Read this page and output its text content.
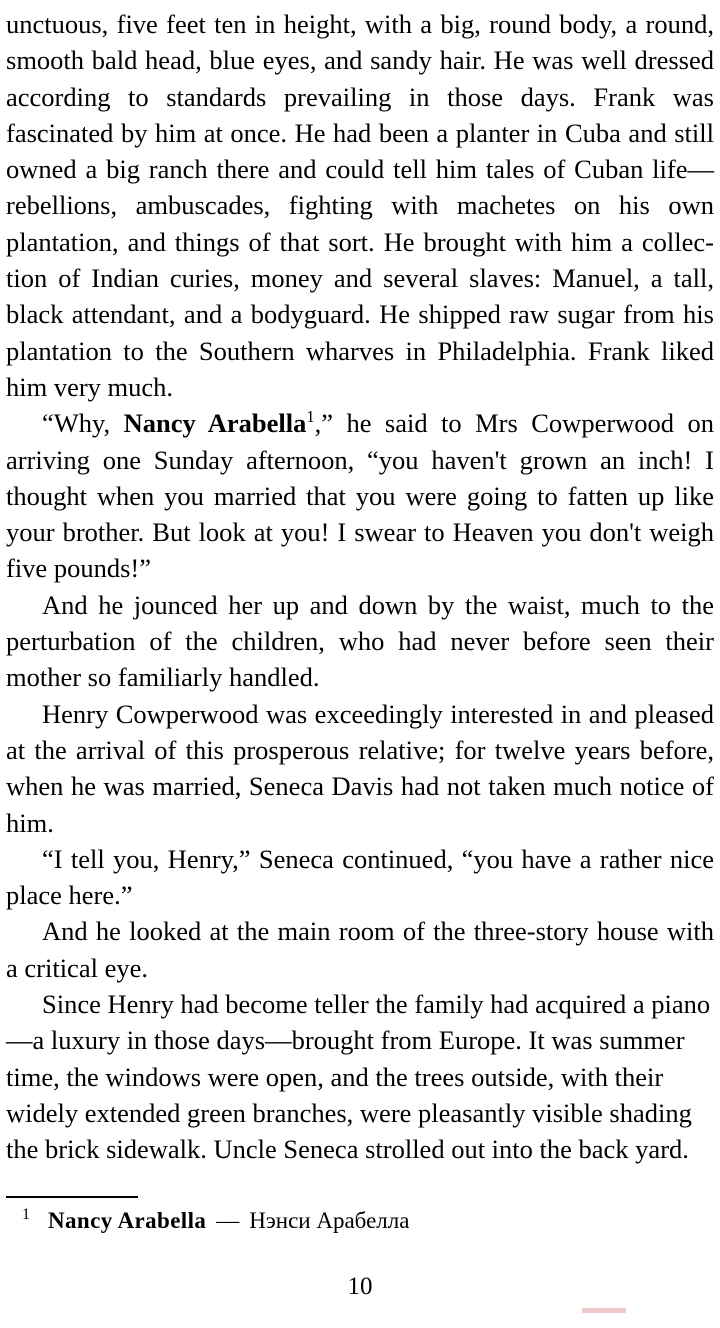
unctuous, five feet ten in height, with a big, round body, a round, smooth bald head, blue eyes, and sandy hair. He was well dressed according to standards prevailing in those days. Frank was fascinated by him at once. He had been a planter in Cuba and still owned a big ranch there and could tell him tales of Cuban life—rebellions, ambuscades, fighting with machetes on his own plantation, and things of that sort. He brought with him a collec-tion of Indian curies, money and several slaves: Manuel, a tall, black attendant, and a bodyguard. He shipped raw sugar from his plantation to the Southern wharves in Philadelphia. Frank liked him very much.

“Why, Nancy Arabella$^1$,” he said to Mrs Cowperwood on arriving one Sunday afternoon, “you haven't grown an inch! I thought when you married that you were going to fatten up like your brother. But look at you! I swear to Heaven you don't weigh five pounds!”

And he jounced her up and down by the waist, much to the perturbation of the children, who had never before seen their mother so familiarly handled.

Henry Cowperwood was exceedingly interested in and pleased at the arrival of this prosperous relative; for twelve years before, when he was married, Seneca Davis had not taken much notice of him.

“I tell you, Henry,” Seneca continued, “you have a rather nice place here.”

And he looked at the main room of the three-story house with a critical eye.

Since Henry had become teller the family had acquired a piano—a luxury in those days—brought from Europe. It was summer time, the windows were open, and the trees outside, with their widely extended green branches, were pleasantly visible shading the brick sidewalk. Uncle Seneca strolled out into the back yard.

$^1$ Nancy Arabella — Нэнси Арабелла
10
